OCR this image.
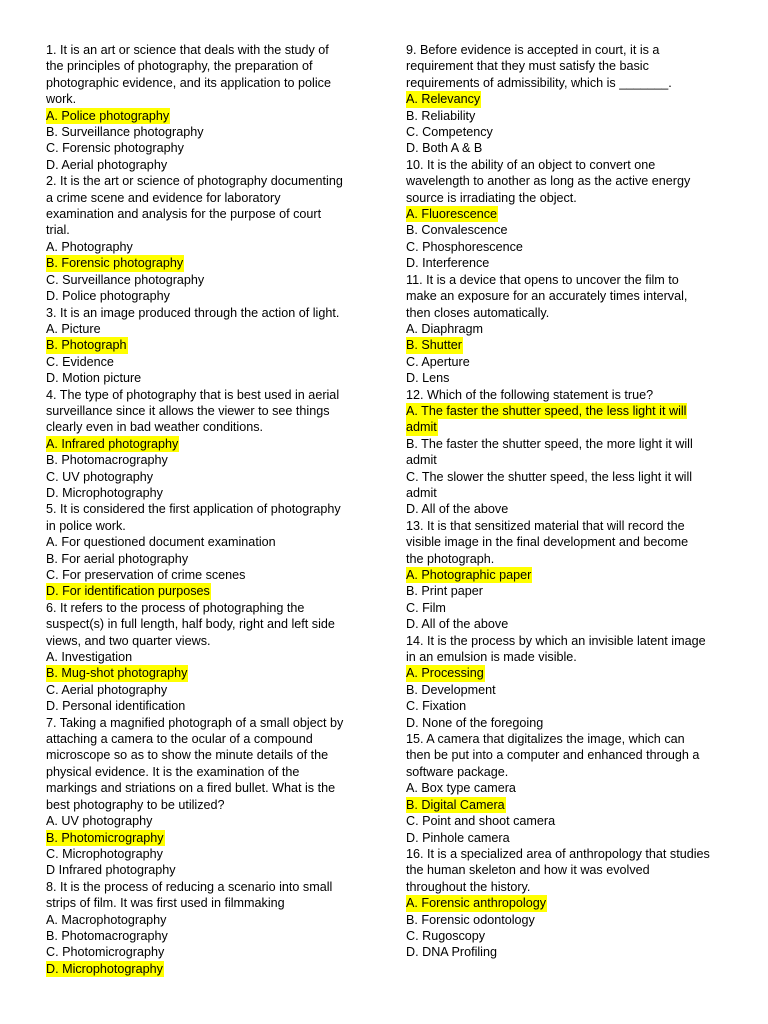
1. It is an art or science that deals with the study of
the principles of photography, the preparation of
photographic evidence, and its application to police
work.
A. Police photography
B. Surveillance photography
C. Forensic photography
D. Aerial photography
2. It is the art or science of photography documenting
a crime scene and evidence for laboratory
examination and analysis for the purpose of court
trial.
A. Photography
B. Forensic photography
C. Surveillance photography
D. Police photography
3. It is an image produced through the action of light.
A. Picture
B. Photograph
C. Evidence
D. Motion picture
4. The type of photography that is best used in aerial
surveillance since it allows the viewer to see things
clearly even in bad weather conditions.
A. Infrared photography
B. Photomacrography
C. UV photography
D. Microphotography
5. It is considered the first application of photography
in police work.
A. For questioned document examination
B. For aerial photography
C. For preservation of crime scenes
D. For identification purposes
6. It refers to the process of photographing the
suspect(s) in full length, half body, right and left side
views, and two quarter views.
A. Investigation
B. Mug-shot photography
C. Aerial photography
D. Personal identification
7. Taking a magnified photograph of a small object by
attaching a camera to the ocular of a compound
microscope so as to show the minute details of the
physical evidence. It is the examination of the
markings and striations on a fired bullet. What is the
best photography to be utilized?
A. UV photography
B. Photomicrography
C. Microphotography
D Infrared photography
8. It is the process of reducing a scenario into small
strips of film. It was first used in filmmaking
A. Macrophotography
B. Photomacrography
C. Photomicrography
D. Microphotography
9. Before evidence is accepted in court, it is a
requirement that they must satisfy the basic
requirements of admissibility, which is _______.
A. Relevancy
B. Reliability
C. Competency
D. Both A & B
10. It is the ability of an object to convert one
wavelength to another as long as the active energy
source is irradiating the object.
A. Fluorescence
B. Convalescence
C. Phosphorescence
D. Interference
11. It is a device that opens to uncover the film to
make an exposure for an accurately times interval,
then closes automatically.
A. Diaphragm
B. Shutter
C. Aperture
D. Lens
12. Which of the following statement is true?
A. The faster the shutter speed, the less light it will
admit
B. The faster the shutter speed, the more light it will
admit
C. The slower the shutter speed, the less light it will
admit
D. All of the above
13. It is that sensitized material that will record the
visible image in the final development and become
the photograph.
A. Photographic paper
B. Print paper
C. Film
D. All of the above
14. It is the process by which an invisible latent image
in an emulsion is made visible.
A. Processing
B. Development
C. Fixation
D. None of the foregoing
15. A camera that digitalizes the image, which can
then be put into a computer and enhanced through a
software package.
A. Box type camera
B. Digital Camera
C. Point and shoot camera
D. Pinhole camera
16. It is a specialized area of anthropology that studies
the human skeleton and how it was evolved
throughout the history.
A. Forensic anthropology
B. Forensic odontology
C. Rugoscopy
D. DNA Profiling
